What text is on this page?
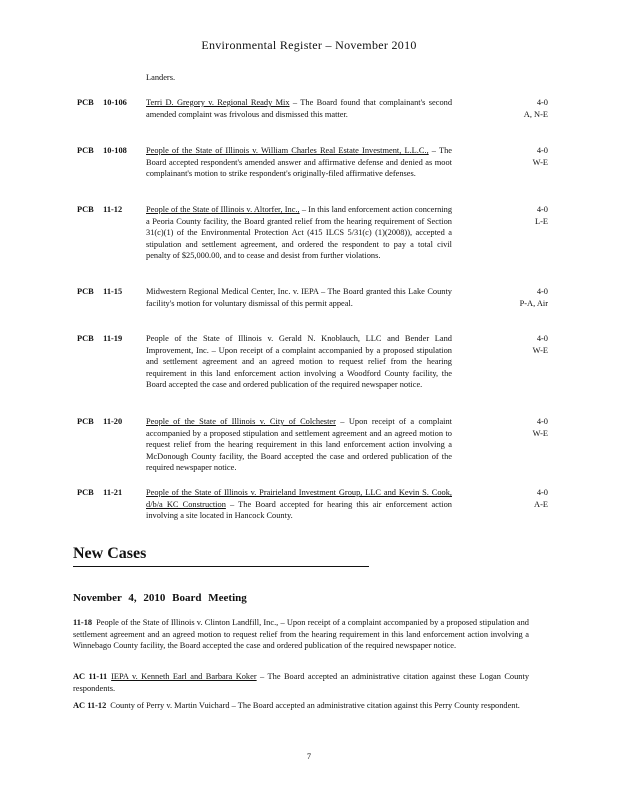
Environmental Register – November 2010
Landers.
PCB 10-106 Terri D. Gregory v. Regional Ready Mix – The Board found that complainant's second amended complaint was frivolous and dismissed this matter.
4-0
A, N-E
PCB 10-108 People of the State of Illinois v. William Charles Real Estate Investment, L.L.C., – The Board accepted respondent's amended answer and affirmative defense and denied as moot complainant's motion to strike respondent's originally-filed affirmative defenses.
4-0
W-E
PCB 11-12	People of the State of Illinois v. Altorfer, Inc., – In this land enforcement action concerning a Peoria County facility, the Board granted relief from the hearing requirement of Section 31(c)(1) of the Environmental Protection Act (415 ILCS 5/31(c) (1)(2008)), accepted a stipulation and settlement agreement, and ordered the respondent to pay a total civil penalty of $25,000.00, and to cease and desist from further violations.
4-0
L-E
PCB 11-15	Midwestern Regional Medical Center, Inc. v. IEPA – The Board granted this Lake County facility's motion for voluntary dismissal of this permit appeal.
4-0
P-A, Air
PCB 11-19	People of the State of Illinois v. Gerald N. Knoblauch, LLC and Bender Land Improvement, Inc. – Upon receipt of a complaint accompanied by a proposed stipulation and settlement agreement and an agreed motion to request relief from the hearing requirement in this land enforcement action involving a Woodford County facility, the Board accepted the case and ordered publication of the required newspaper notice.
4-0
W-E
PCB 11-20	People of the State of Illinois v. City of Colchester – Upon receipt of a complaint accompanied by a proposed stipulation and settlement agreement and an agreed motion to request relief from the hearing requirement in this land enforcement action involving a McDonough County facility, the Board accepted the case and ordered publication of the required newspaper notice.
4-0
W-E
PCB 11-21	People of the State of Illinois v. Prairieland Investment Group, LLC and Kevin S. Cook, d/b/a KC Construction – The Board accepted for hearing this air enforcement action involving a site located in Hancock County.
4-0
A-E
New Cases
November 4, 2010 Board Meeting
11-18 People of the State of Illinois v. Clinton Landfill, Inc., – Upon receipt of a complaint accompanied by a proposed stipulation and settlement agreement and an agreed motion to request relief from the hearing requirement in this land enforcement action involving a Winnebago County facility, the Board accepted the case and ordered publication of the required newspaper notice.
AC 11-11 IEPA v. Kenneth Earl and Barbara Koker – The Board accepted an administrative citation against these Logan County respondents.
AC 11-12 County of Perry v. Martin Vuichard – The Board accepted an administrative citation against this Perry County respondent.
7
